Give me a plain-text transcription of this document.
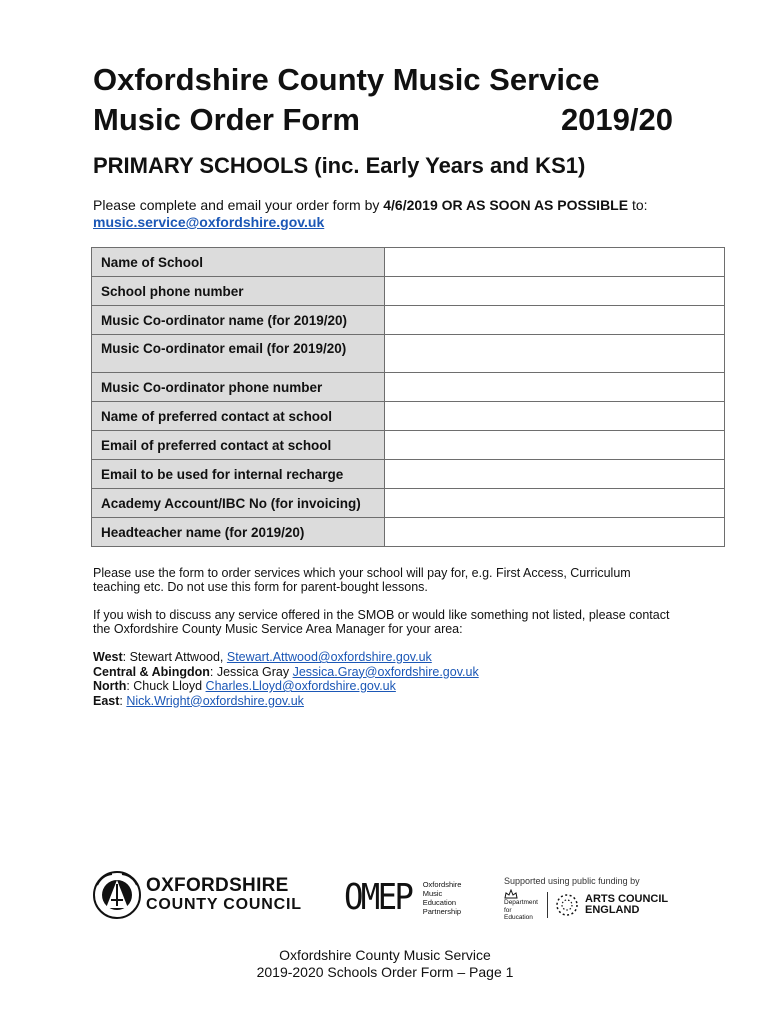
Oxfordshire County Music Service
Music Order Form	2019/20
PRIMARY SCHOOLS (inc. Early Years and KS1)
Please complete and email your order form by 4/6/2019 OR AS SOON AS POSSIBLE to: music.service@oxfordshire.gov.uk
Name of School	
School phone number	
Music Co-ordinator name (for 2019/20)	
Music Co-ordinator email (for 2019/20)	
Music Co-ordinator phone number	
Name of preferred contact at school	
Email of preferred contact at school	
Email to be used for internal recharge	
Academy Account/IBC No (for invoicing)	
Headteacher name (for 2019/20)	
Please use the form to order services which your school will pay for, e.g. First Access, Curriculum teaching etc. Do not use this form for parent-bought lessons.
If you wish to discuss any service offered in the SMOB or would like something not listed, please contact the Oxfordshire County Music Service Area Manager for your area:
West: Stewart Attwood, Stewart.Attwood@oxfordshire.gov.uk
Central & Abingdon: Jessica Gray Jessica.Gray@oxfordshire.gov.uk
North: Chuck Lloyd Charles.Lloyd@oxfordshire.gov.uk
East: Nick.Wright@oxfordshire.gov.uk
OXFORDSHIRE
COUNTY COUNCIL OMEP Oxfordshire
Music
Education
Partnership
Supported using public funding by
Department
for Education
ARTS COUNCIL
ENGLAND
Oxfordshire County Music Service
2019-2020 Schools Order Form – Page 1
